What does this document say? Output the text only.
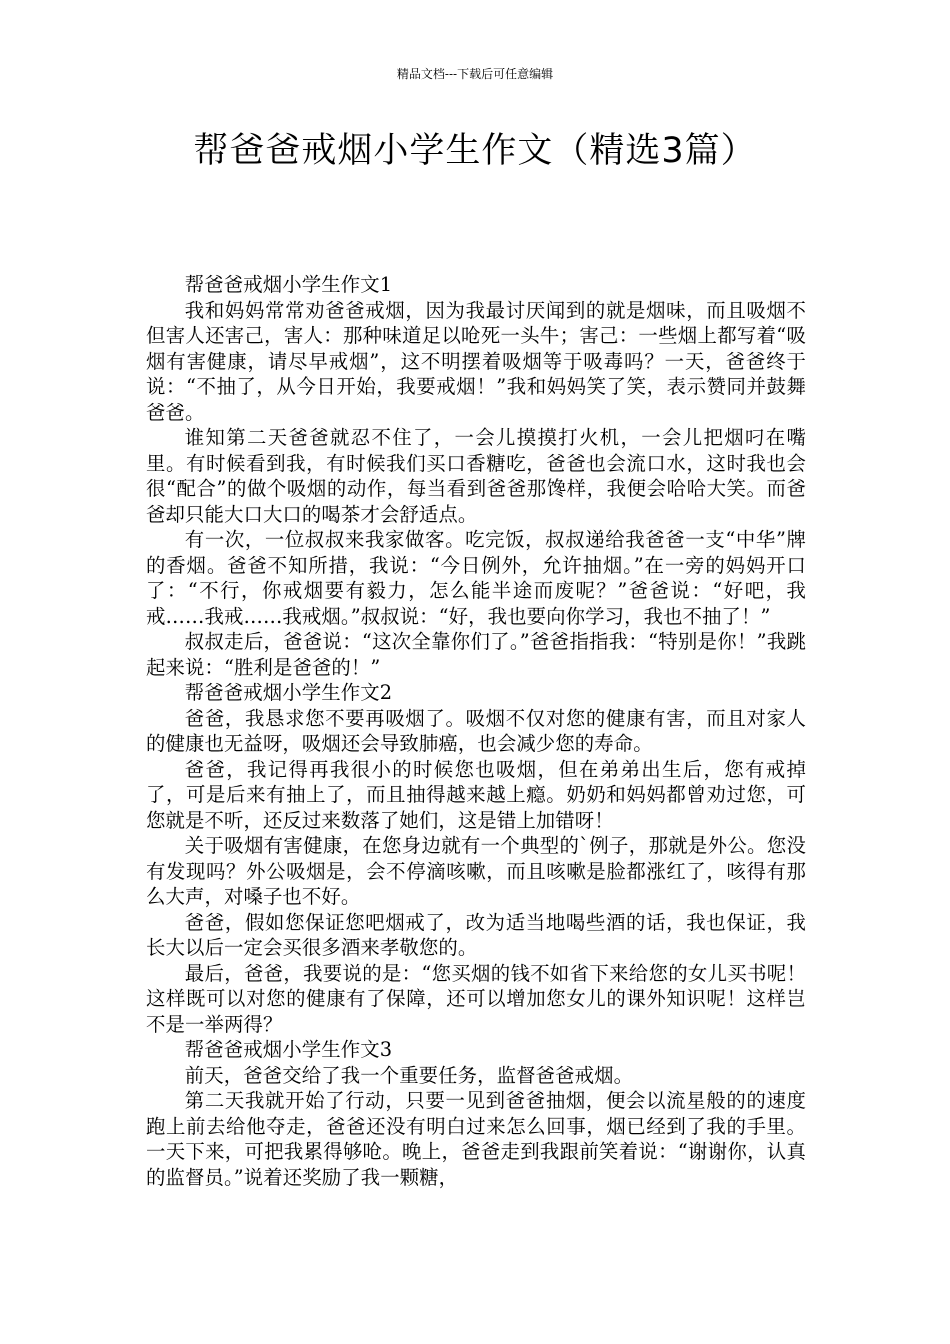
精品文档---下载后可任意编辑
帮爸爸戒烟小学生作文（精选3篇）

帮爸爸戒烟小学生作文1

我和妈妈常常劝爸爸戒烟，因为我最讨厌闻到的就是烟味，而且吸烟不但害人还害己，害人：那种味道足以呛死一头牛；害己：一些烟上都写着“吸烟有害健康，请尽早戒烟”，这不明摆着吸烟等于吸毒吗？一天，爸爸终于说：“不抽了，从今日开始，我要戒烟！”我和妈妈笑了笑，表示赞同并鼓舞爸爸。

谁知第二天爸爸就忍不住了，一会儿摸摸打火机，一会儿把烟叼在嘴里。有时候看到我，有时候我们买口香糖吃，爸爸也会流口水，这时我也会很“配合”的做个吸烟的动作，每当看到爸爸那馋样，我便会哈哈大笑。而爸爸却只能大口大口的喝茶才会舒适点。

有一次，一位叔叔来我家做客。吃完饭，叔叔递给我爸爸一支“中华”牌的香烟。爸爸不知所措，我说：“今日例外，允许抽烟。”在一旁的妈妈开口了：“不行，你戒烟要有毅力，怎么能半途而废呢？”爸爸说：“好吧，我戒……我戒……我戒烟。”叔叔说：“好，我也要向你学习，我也不抽了！”

叔叔走后，爸爸说：“这次全靠你们了。”爸爸指指我：“特别是你！”我跳起来说：“胜利是爸爸的！”

帮爸爸戒烟小学生作文2

爸爸，我恳求您不要再吸烟了。吸烟不仅对您的健康有害，而且对家人的健康也无益呀，吸烟还会导致肺癌，也会减少您的寿命。

爸爸，我记得再我很小的时候您也吸烟，但在弟弟出生后，您有戒掉了，可是后来有抽上了，而且抽得越来越上瘾。奶奶和妈妈都曾劝过您，可您就是不听，还反过来数落了她们，这是错上加错呀！

关于吸烟有害健康，在您身边就有一个典型的`例子，那就是外公。您没有发现吗？外公吸烟是，会不停滴咳嗽，而且咳嗽是脸都涨红了，咳得有那么大声，对嗓子也不好。

爸爸，假如您保证您吧烟戒了，改为适当地喝些酒的话，我也保证，我长大以后一定会买很多酒来孝敬您的。

最后，爸爸，我要说的是：“您买烟的钱不如省下来给您的女儿买书呢！这样既可以对您的健康有了保障，还可以增加您女儿的课外知识呢！这样岂不是一举两得？

帮爸爸戒烟小学生作文3

前天，爸爸交给了我一个重要任务，监督爸爸戒烟。

第二天我就开始了行动，只要一见到爸爸抽烟，便会以流星般的的速度跑上前去给他夺走，爸爸还没有明白过来怎么回事，烟已经到了我的手里。一天下来，可把我累得够呛。晚上，爸爸走到我跟前笑着说：“谢谢你，认真的监督员。”说着还奖励了我一颗糖，
